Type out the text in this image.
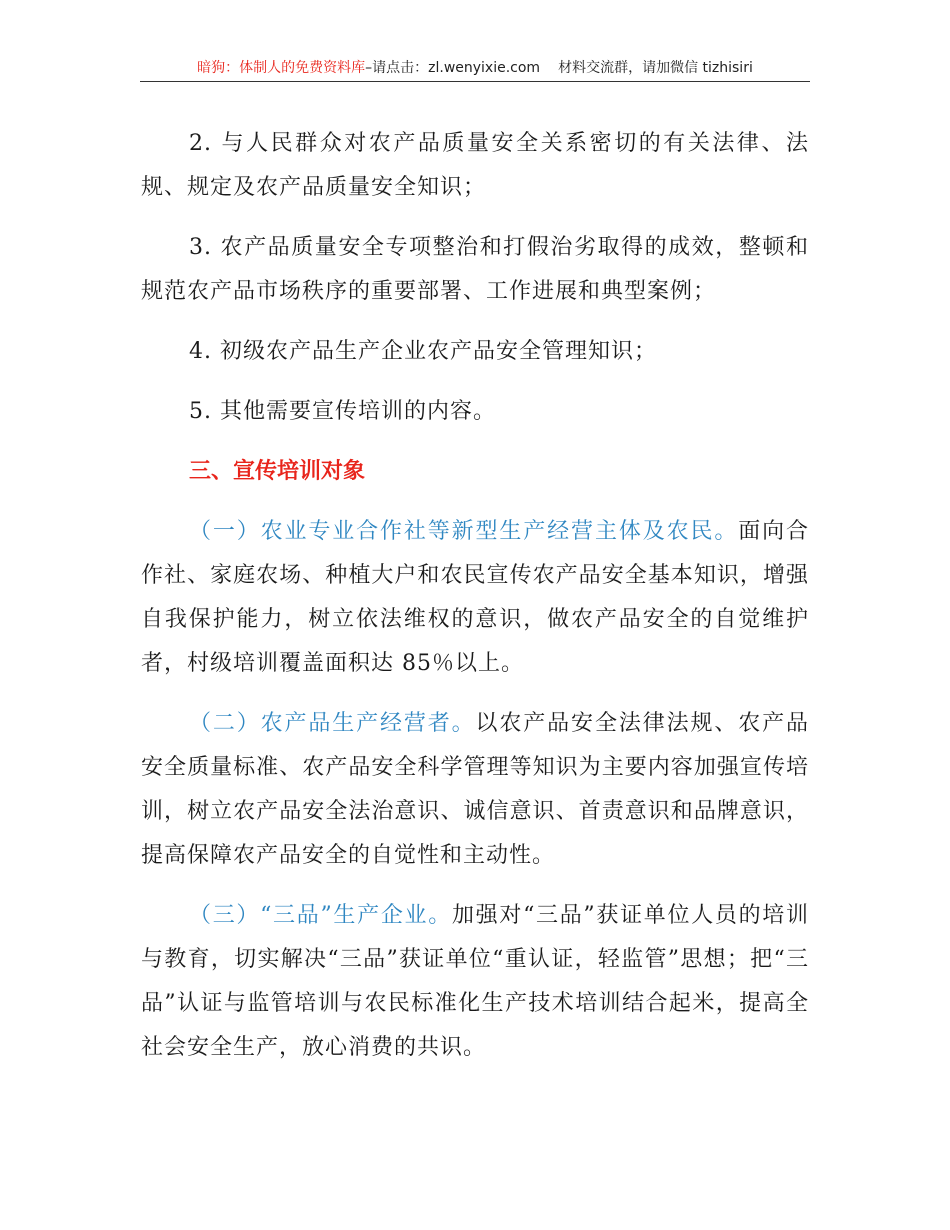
暗狗：体制人的免费资料库–请点击：zl.wenyixie.com 材料交流群，请加微信 tizhisiri

2. 与人民群众对农产品质量安全关系密切的有关法律、法规、规定及农产品质量安全知识；

3. 农产品质量安全专项整治和打假治劣取得的成效，整顿和规范农产品市场秩序的重要部署、工作进展和典型案例；

4. 初级农产品生产企业农产品安全管理知识；

5. 其他需要宣传培训的内容。

三、宣传培训对象

（一）农业专业合作社等新型生产经营主体及农民。面向合作社、家庭农场、种植大户和农民宣传农产品安全基本知识，增强自我保护能力，树立依法维权的意识，做农产品安全的自觉维护者，村级培训覆盖面积达 85％以上。

（二）农产品生产经营者。以农产品安全法律法规、农产品安全质量标准、农产品安全科学管理等知识为主要内容加强宣传培训，树立农产品安全法治意识、诚信意识、首责意识和品牌意识，提高保障农产品安全的自觉性和主动性。

（三）“三品”生产企业。加强对“三品”获证单位人员的培训与教育，切实解决“三品”获证单位“重认证，轻监管”思想；把“三品”认证与监管培训与农民标准化生产技术培训结合起米，提高全社会安全生产，放心消费的共识。
